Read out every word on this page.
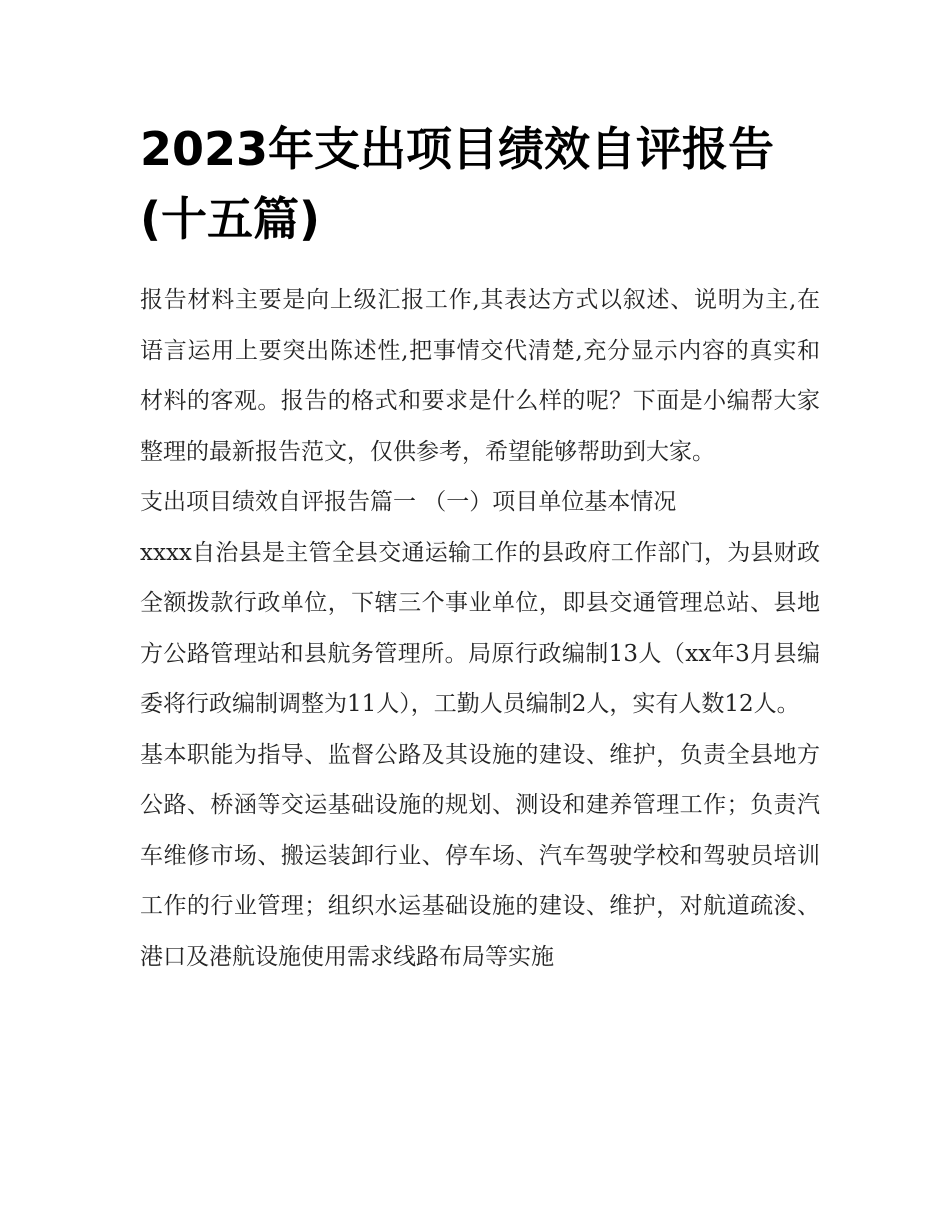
2023年支出项目绩效自评报告
(十五篇)

报告材料主要是向上级汇报工作,其表达方式以叙述、说明为主,在语言运用上要突出陈述性,把事情交代清楚,充分显示内容的真实和材料的客观。报告的格式和要求是什么样的呢？下面是小编帮大家整理的最新报告范文，仅供参考，希望能够帮助到大家。

支出项目绩效自评报告篇一 （一）项目单位基本情况

xxxx自治县是主管全县交通运输工作的县政府工作部门，为县财政全额拨款行政单位，下辖三个事业单位，即县交通管理总站、县地方公路管理站和县航务管理所。局原行政编制13人（xx年3月县编委将行政编制调整为11人），工勤人员编制2人，实有人数12人。

基本职能为指导、监督公路及其设施的建设、维护，负责全县地方公路、桥涵等交运基础设施的规划、测设和建养管理工作；负责汽车维修市场、搬运装卸行业、停车场、汽车驾驶学校和驾驶员培训工作的行业管理；组织水运基础设施的建设、维护，对航道疏浚、港口及港航设施使用需求线路布局等实施
